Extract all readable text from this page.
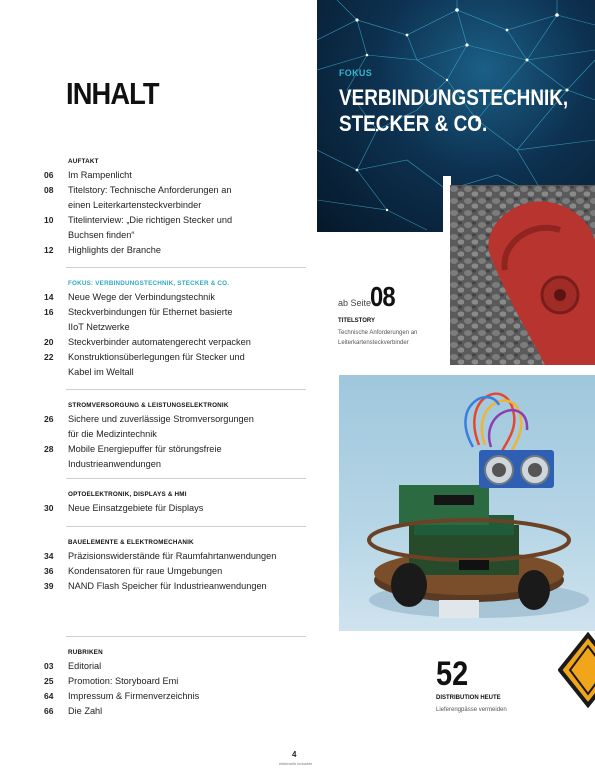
INHALT
FOKUS
VERBINDUNGSTECHNIK,
STECKER & CO.
ab Seite
08
TITELSTORY
Technische Anforderungen an Leiterkartensteckverbinder
52
DISTRIBUTION HEUTE
Lieferengpässe vermeiden
AUFTAKT
06	Im Rampenlicht
08	Titelstory: Technische Anforderungen an
einen Leiterkartensteckverbinder
10	Titelinterview: „Die richtigen Stecker und
Buchsen finden“
12	Highlights der Branche
FOKUS: VERBINDUNGSTECHNIK, STECKER & CO.
14	Neue Wege der Verbindungstechnik
16	Steckverbindungen für Ethernet basierte
IIoT Netzwerke
20	Steckverbinder automatengerecht verpacken
22	Konstruktionsüberlegungen für Stecker und
Kabel im Weltall
STROMVERSORGUNG & LEISTUNGSELEKTRONIK
26	Sichere und zuverlässige Stromversorgungen
für die Medizintechnik
28	Mobile Energiepuffer für störungsfreie
Industrieanwendungen
OPTOELEKTRONIK, DISPLAYS & HMI
30	Neue Einsatzgebiete für Displays
BAUELEMENTE & ELEKTROMECHANIK
34	Präzisionswiderstände für Raumfahrtanwendungen
36	Kondensatoren für raue Umgebungen
39	NAND Flash Speicher für Industrieanwendungen
RUBRIKEN
03	Editorial
25	Promotion: Storyboard Emi
64	Impressum & Firmenverzeichnis
66	Die Zahl
4
elektronik industrie
